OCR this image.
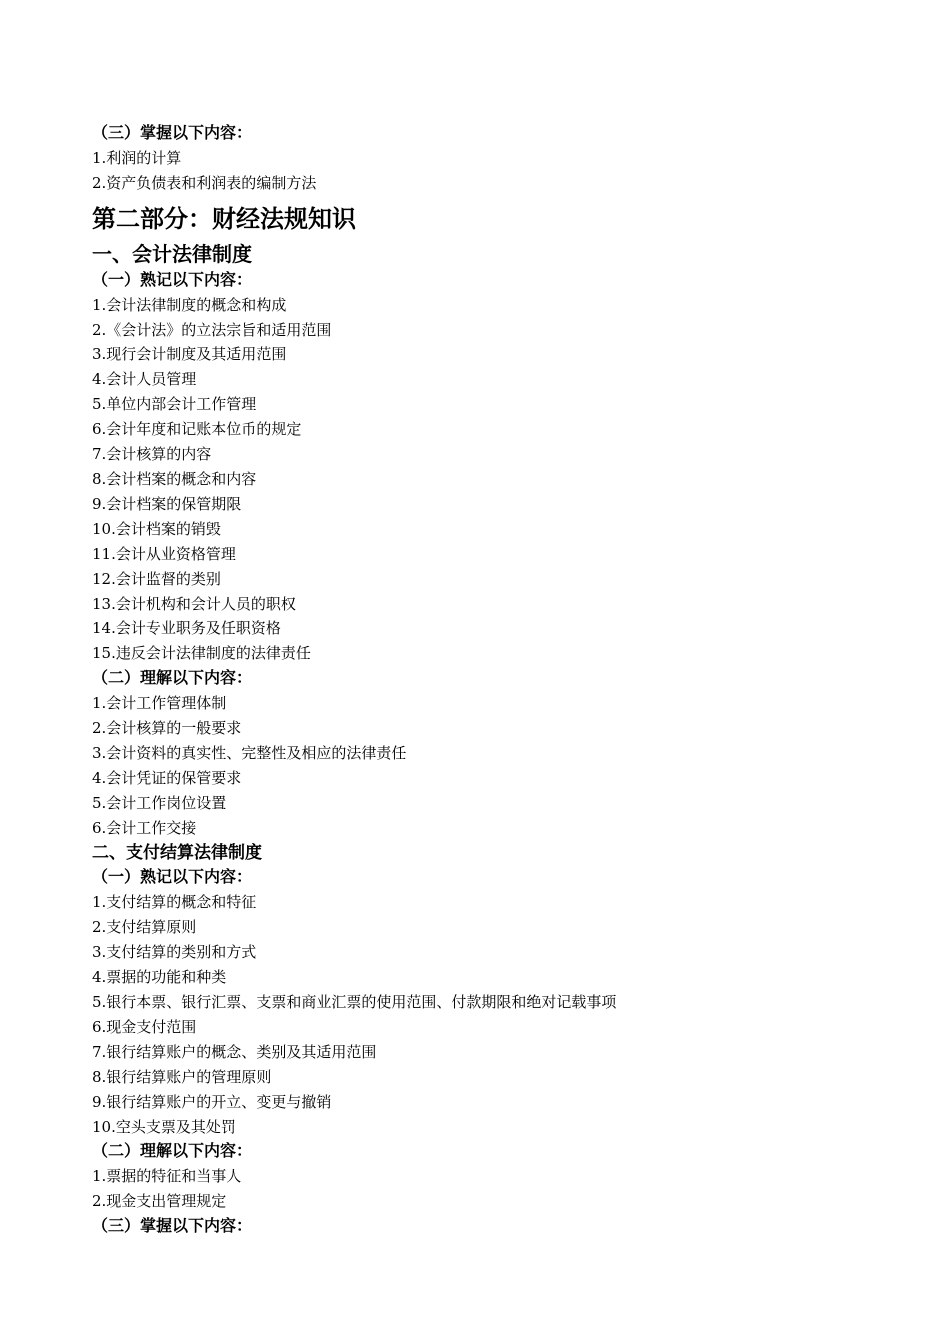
（三）掌握以下内容：
1.利润的计算
2.资产负债表和利润表的编制方法
第二部分：财经法规知识
一、会计法律制度
（一）熟记以下内容：
1.会计法律制度的概念和构成
2.《会计法》的立法宗旨和适用范围
3.现行会计制度及其适用范围
4.会计人员管理
5.单位内部会计工作管理
6.会计年度和记账本位币的规定
7.会计核算的内容
8.会计档案的概念和内容
9.会计档案的保管期限
10.会计档案的销毁
11.会计从业资格管理
12.会计监督的类别
13.会计机构和会计人员的职权
14.会计专业职务及任职资格
15.违反会计法律制度的法律责任
（二）理解以下内容：
1.会计工作管理体制
2.会计核算的一般要求
3.会计资料的真实性、完整性及相应的法律责任
4.会计凭证的保管要求
5.会计工作岗位设置
6.会计工作交接
二、支付结算法律制度
（一）熟记以下内容：
1.支付结算的概念和特征
2.支付结算原则
3.支付结算的类别和方式
4.票据的功能和种类
5.银行本票、银行汇票、支票和商业汇票的使用范围、付款期限和绝对记载事项
6.现金支付范围
7.银行结算账户的概念、类别及其适用范围
8.银行结算账户的管理原则
9.银行结算账户的开立、变更与撤销
10.空头支票及其处罚
（二）理解以下内容：
1.票据的特征和当事人
2.现金支出管理规定
（三）掌握以下内容：
